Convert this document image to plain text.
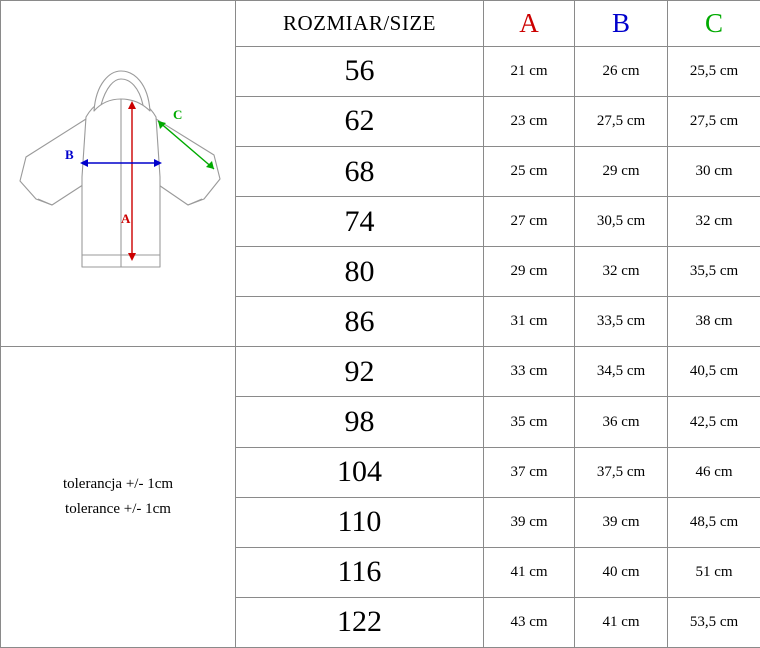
A
B
C	ROZMIAR/SIZE	A	B	C
	56	21 cm	26 cm	25,5 cm
	62	23 cm	27,5 cm	27,5 cm
	68	25 cm	29 cm	30 cm
	74	27 cm	30,5 cm	32 cm
	80	29 cm	32 cm	35,5 cm
	86	31 cm	33,5 cm	38 cm

tolerancja +/- 1cm
tolerance +/- 1cm	92	33 cm	34,5 cm	40,5 cm
	98	35 cm	36 cm	42,5 cm
	104	37 cm	37,5 cm	46 cm
	110	39 cm	39 cm	48,5 cm
	116	41 cm	40 cm	51 cm
	122	43 cm	41 cm	53,5 cm
